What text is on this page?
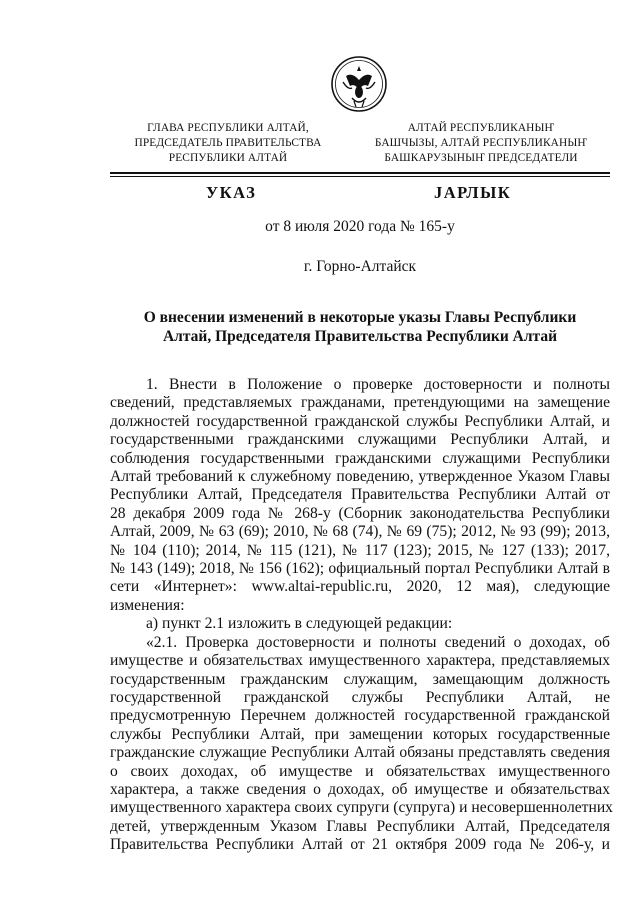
ГЛАВА РЕСПУБЛИКИ АЛТАЙ,
ПРЕДСЕДАТЕЛЬ ПРАВИТЕЛЬСТВА
РЕСПУБЛИКИ АЛТАЙ
АЛТАЙ РЕСПУБЛИКАНЫҤ
БАШЧЫЗЫ, АЛТАЙ РЕСПУБЛИКАНЫҤ
БАШКАРУЗЫНЫҤ ПРЕДСЕДАТЕЛИ
УКАЗ	ЈАРЛЫК
от 8 июля 2020 года № 165-у
г. Горно-Алтайск
О внесении изменений в некоторые указы Главы Республики
Алтай, Председателя Правительства Республики Алтай
1. Внести в Положение о проверке достоверности и полноты
сведений, представляемых гражданами, претендующими на замещение
должностей государственной гражданской службы Республики Алтай, и
государственными гражданскими служащими Республики Алтай, и
соблюдения государственными гражданскими служащими Республики
Алтай требований к служебному поведению, утвержденное Указом Главы
Республики Алтай, Председателя Правительства Республики Алтай от
28 декабря 2009 года № 268-у (Сборник законодательства Республики
Алтай, 2009, № 63 (69); 2010, № 68 (74), № 69 (75); 2012, № 93 (99); 2013,
№ 104 (110); 2014, № 115 (121), № 117 (123); 2015, № 127 (133); 2017,
№ 143 (149); 2018, № 156 (162); официальный портал Республики Алтай в
сети «Интернет»: www.altai-republic.ru, 2020, 12 мая), следующие
изменения:
а) пункт 2.1 изложить в следующей редакции:
«2.1. Проверка достоверности и полноты сведений о доходах, об
имуществе и обязательствах имущественного характера, представляемых
государственным гражданским служащим, замещающим должность
государственной гражданской службы Республики Алтай, не
предусмотренную Перечнем должностей государственной гражданской
службы Республики Алтай, при замещении которых государственные
гражданские служащие Республики Алтай обязаны представлять сведения
о своих доходах, об имуществе и обязательствах имущественного
характера, а также сведения о доходах, об имуществе и обязательствах
имущественного характера своих супруги (супруга) и несовершеннолетних
детей, утвержденным Указом Главы Республики Алтай, Председателя
Правительства Республики Алтай от 21 октября 2009 года № 206-у, и
